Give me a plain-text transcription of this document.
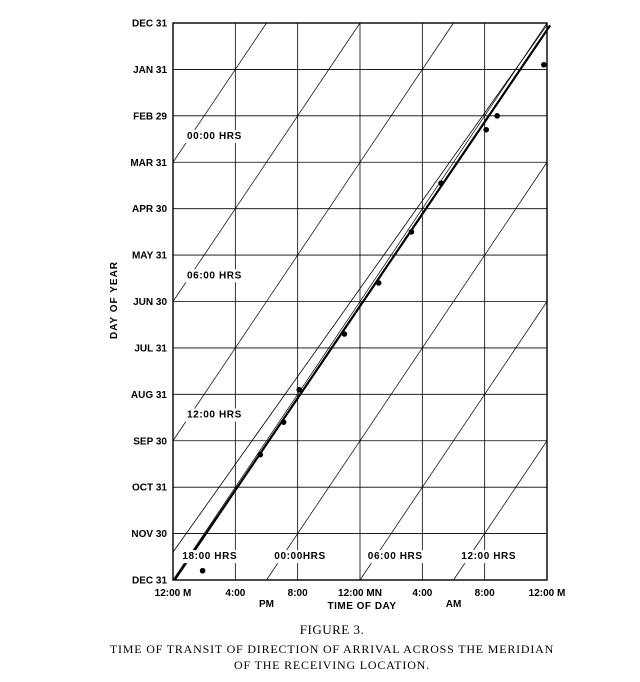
DEC 31
JAN 31
FEB 29
MAR 31
APR 30
MAY 31
JUN 30
JUL 31
AUG 31
SEP 30
OCT 31
NOV 30
DEC 31
12:00 M	4:00	8:00	12:00 MN	4:00	8:00	12:00 M
PM	AM
00:00 HRS
06:00 HRS
12:00 HRS
18:00 HRS	00:00HRS	06:00 HRS	12:00 HRS
DAY OF YEAR
TIME OF DAY
FIGURE 3.
TIME OF TRANSIT OF DIRECTION OF ARRIVAL ACROSS THE MERIDIAN
OF THE RECEIVING LOCATION.
